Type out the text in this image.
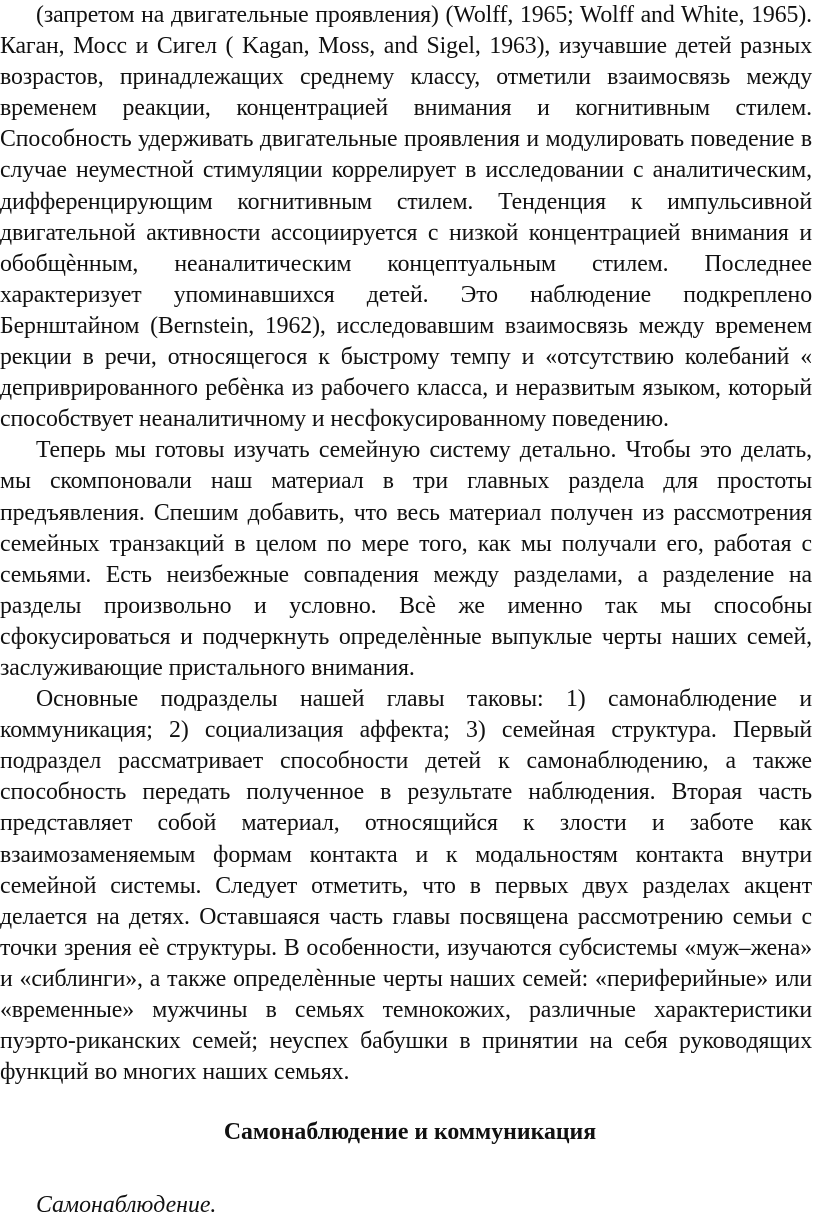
(запретом на двигательные проявления) (Wolff, 1965; Wolff and White, 1965). Каган, Мосс и Сигел ( Kagan, Moss, and Sigel, 1963), изучавшие детей разных возрастов, принадлежащих среднему классу, отметили взаимосвязь между временем реакции, концентрацией внимания и когнитивным стилем. Способность удерживать двигательные проявления и модулировать поведение в случае неуместной стимуляции коррелирует в исследовании с аналитическим, дифференцирующим когнитивным стилем. Тенденция к импульсивной двигательной активности ассоциируется с низкой концентрацией внимания и обобщѐнным, неаналитическим концептуальным стилем. Последнее характеризует упоминавшихся детей. Это наблюдение подкреплено Бернштайном (Bernstein, 1962), исследовавшим взаимосвязь между временем рекции в речи, относящегося к быстрому темпу и «отсутствию колебаний « деприврированного ребѐнка из рабочего класса, и неразвитым языком, который способствует неаналитичному и несфокусированному поведению.

Теперь мы готовы изучать семейную систему детально. Чтобы это делать, мы скомпоновали наш материал в три главных раздела для простоты предъявления. Спешим добавить, что весь материал получен из рассмотрения семейных транзакций в целом по мере того, как мы получали его, работая с семьями. Есть неизбежные совпадения между разделами, а разделение на разделы произвольно и условно. Всѐ же именно так мы способны сфокусироваться и подчеркнуть определѐнные выпуклые черты наших семей, заслуживающие пристального внимания.

Основные подразделы нашей главы таковы: 1) самонаблюдение и коммуникация; 2) социализация аффекта; 3) семейная структура. Первый подраздел рассматривает способности детей к самонаблюдению, а также способность передать полученное в результате наблюдения. Вторая часть представляет собой материал, относящийся к злости и заботе как взаимозаменяемым формам контакта и к модальностям контакта внутри семейной системы. Следует отметить, что в первых двух разделах акцент делается на детях. Оставшаяся часть главы посвящена рассмотрению семьи с точки зрения еѐ структуры. В особенности, изучаются субсистемы «муж–жена» и «сиблинги», а также определѐнные черты наших семей: «периферийные» или «временные» мужчины в семьях темнокожих, различные характеристики пуэрто-риканских семей; неуспех бабушки в принятии на себя руководящих функций во многих наших семьях.

Самонаблюдение и коммуникация

Самонаблюдение.
